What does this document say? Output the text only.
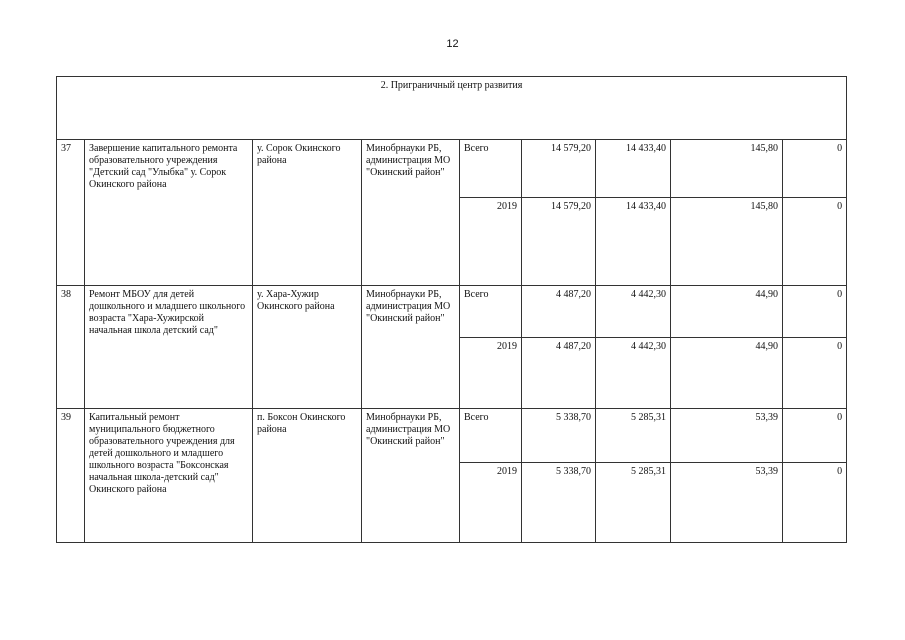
12
2. Приграничный центр развития								
37	Завершение капитального ремонта образовательного учреждения "Детский сад "Улыбка" у. Сорок Окинского района	у. Сорок Окинского района	Минобрнауки РБ, администрация МО "Окинский район"	Всего	14 579,20	14 433,40	145,80	0
				2019	14 579,20	14 433,40	145,80	0
38	Ремонт МБОУ для детей дошкольного и младшего школьного возраста "Хара-Хужирской начальная школа детский сад"	у. Хара-Хужир Окинского района	Минобрнауки РБ, администрация МО "Окинский район"	Всего	4 487,20	4 442,30	44,90	0
				2019	4 487,20	4 442,30	44,90	0
39	Капитальный ремонт муниципального бюджетного образовательного учреждения для детей дошкольного и младшего школьного возраста "Боксонская начальная школа-детский сад" Окинского района	п. Боксон Окинского района	Минобрнауки РБ, администрация МО "Окинский район"	Всего	5 338,70	5 285,31	53,39	0
				2019	5 338,70	5 285,31	53,39	0
